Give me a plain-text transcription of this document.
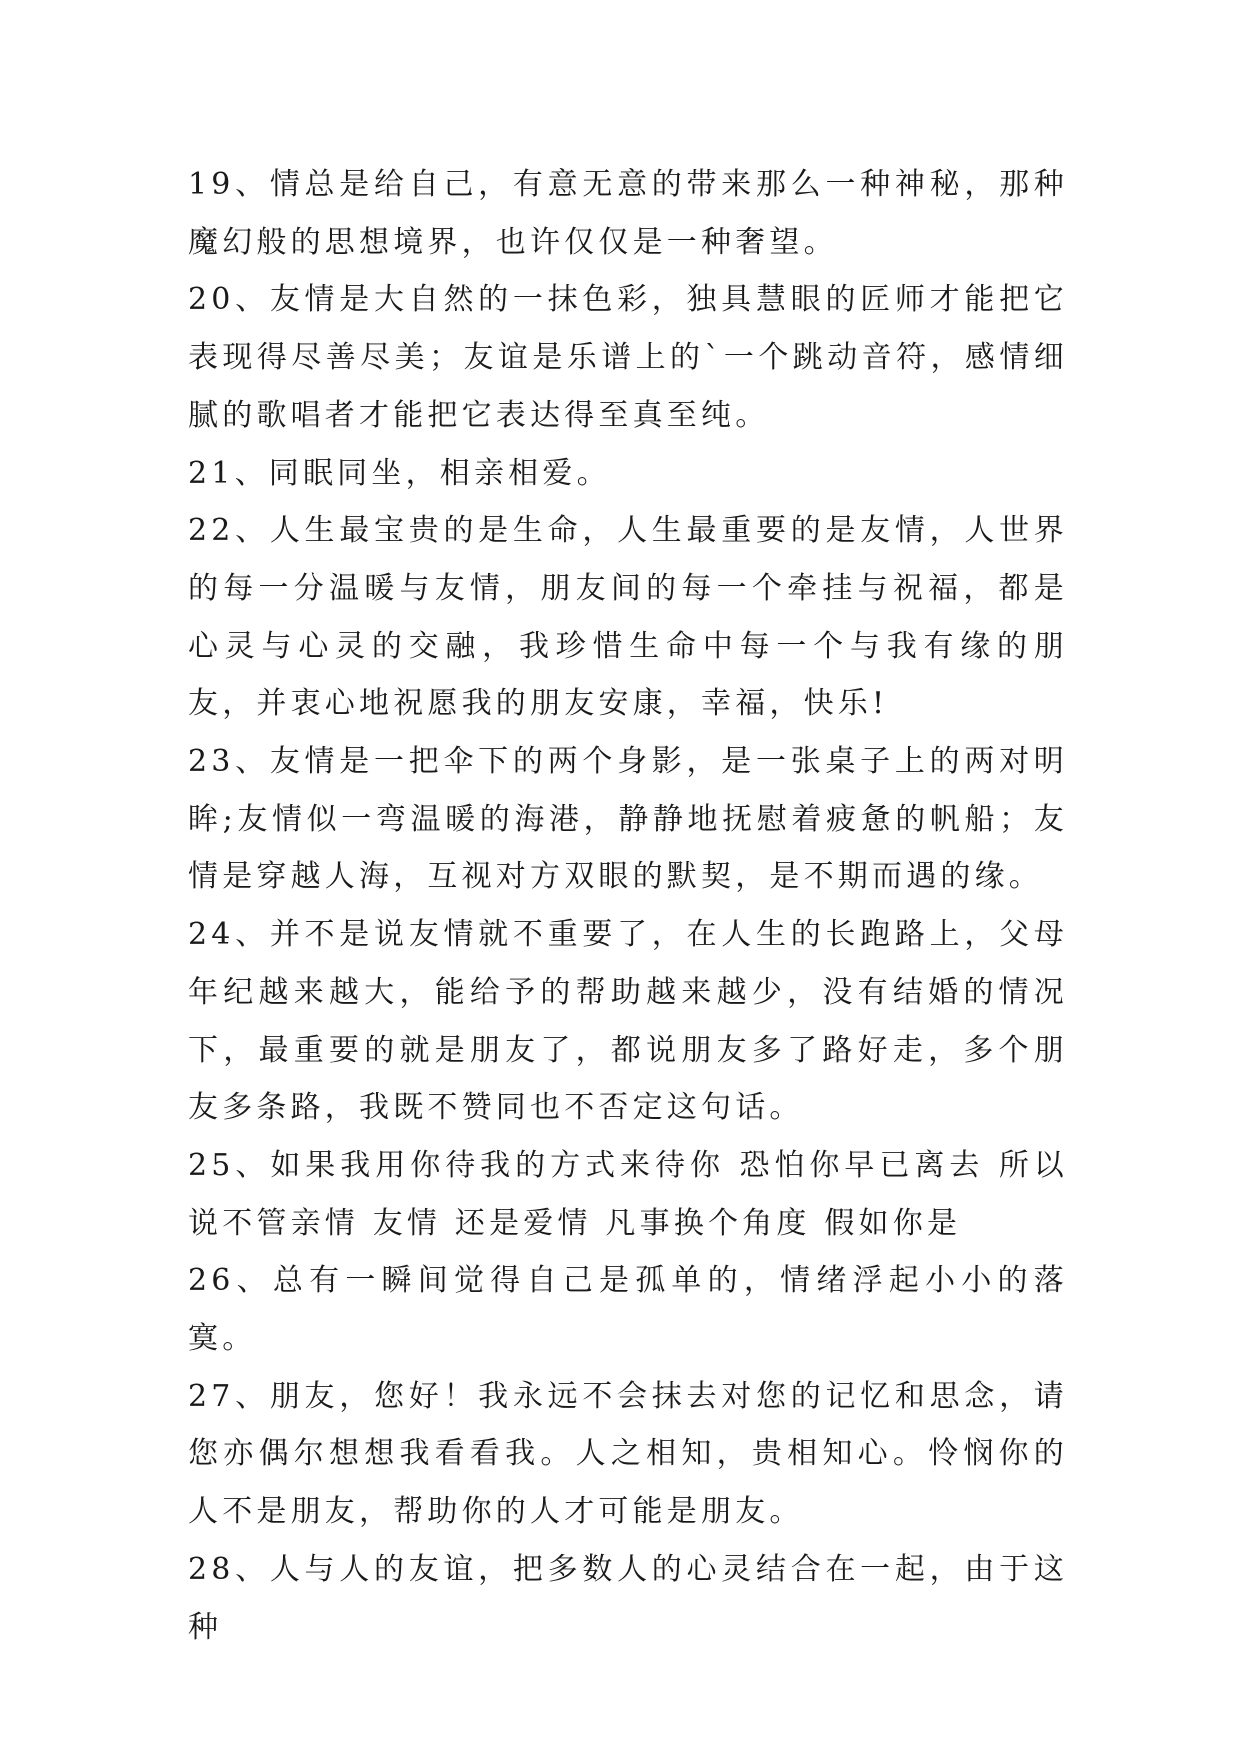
19、情总是给自己，有意无意的带来那么一种神秘，那种魔幻般的思想境界，也许仅仅是一种奢望。

20、友情是大自然的一抹色彩，独具慧眼的匠师才能把它表现得尽善尽美；友谊是乐谱上的`一个跳动音符，感情细腻的歌唱者才能把它表达得至真至纯。

21、同眠同坐，相亲相爱。

22、人生最宝贵的是生命，人生最重要的是友情，人世界的每一分温暖与友情，朋友间的每一个牵挂与祝福，都是心灵与心灵的交融，我珍惜生命中每一个与我有缘的朋友，并衷心地祝愿我的朋友安康，幸福，快乐!

23、友情是一把伞下的两个身影，是一张桌子上的两对明眸;友情似一弯温暖的海港，静静地抚慰着疲惫的帆船；友情是穿越人海，互视对方双眼的默契，是不期而遇的缘。

24、并不是说友情就不重要了，在人生的长跑路上，父母年纪越来越大，能给予的帮助越来越少，没有结婚的情况下，最重要的就是朋友了，都说朋友多了路好走，多个朋友多条路，我既不赞同也不否定这句话。

25、如果我用你待我的方式来待你 恐怕你早已离去 所以说不管亲情 友情 还是爱情 凡事换个角度 假如你是

26、总有一瞬间觉得自己是孤单的，情绪浮起小小的落寞。

27、朋友，您好！我永远不会抹去对您的记忆和思念，请您亦偶尔想想我看看我。人之相知，贵相知心。怜悯你的人不是朋友，帮助你的人才可能是朋友。

28、人与人的友谊，把多数人的心灵结合在一起，由于这种
